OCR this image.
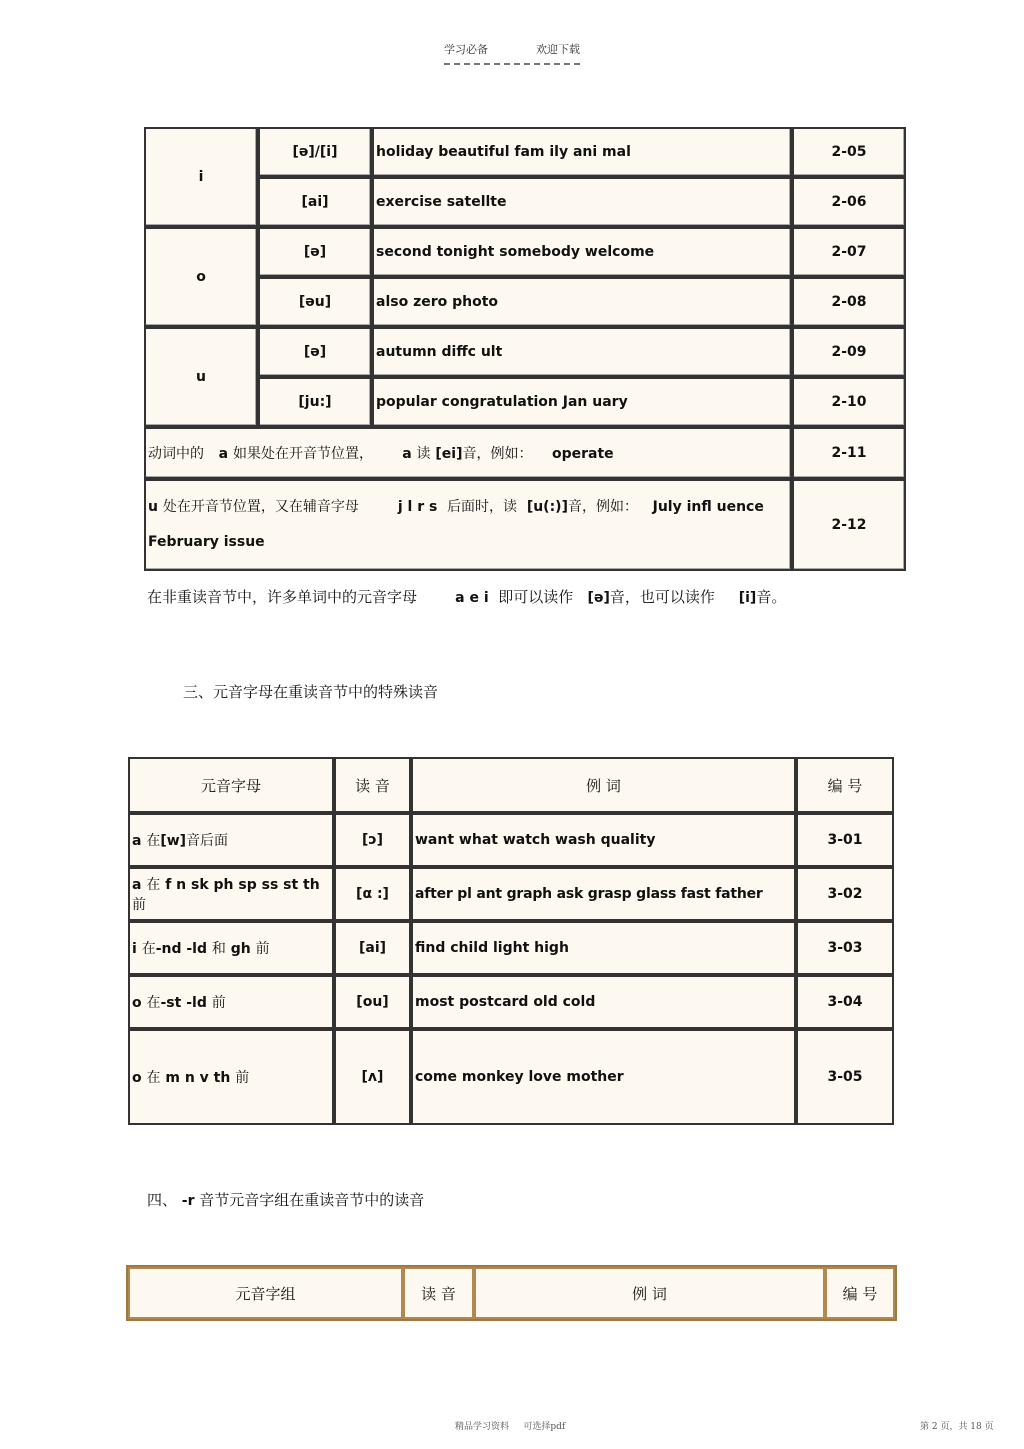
学习必备	欢迎下载
i	[ə]/[i]	holiday beautiful fam ily ani mal	2-05
	[ai]	exercise satellte	2-06
o	[ə]	second tonight somebody welcome	2-07
	[əu]	also zero photo	2-08
u	[ə]	autumn diffc ult	2-09
	[ju:]	popular congratulation Jan uary	2-10
动词中的 a 如果处在开音节位置， a 读 [ei]音，例如： operate			2-11
u 处在开音节位置，又在辅音字母 j l r s 后面时，读 [u(:)]音，例如： July infl uence
February issue			2-12
在非重读音节中，许多单词中的元音字母	a e i 即可以读作 [ə]音，也可以读作 [i]音。
三、元音字母在重读音节中的特殊读音
元音字母	读 音	例 词	编 号
a 在[w]音后面	[ɔ]	want what watch wash quality	3-01
a 在 f n sk ph sp ss st th前	[α :]	after pl ant graph ask grasp glass fast father	3-02
i 在-nd -ld 和 gh 前	[ai]	find child light high	3-03
o 在-st -ld 前	[ou]	most postcard old cold	3-04
o 在 m n v th 前	[ʌ]	come monkey love mother	3-05
四、 -r 音节元音字组在重读音节中的读音
元音字组	读 音	例 词	编 号
精品学习资料 可选择pdf	第 2 页，共 18 页
